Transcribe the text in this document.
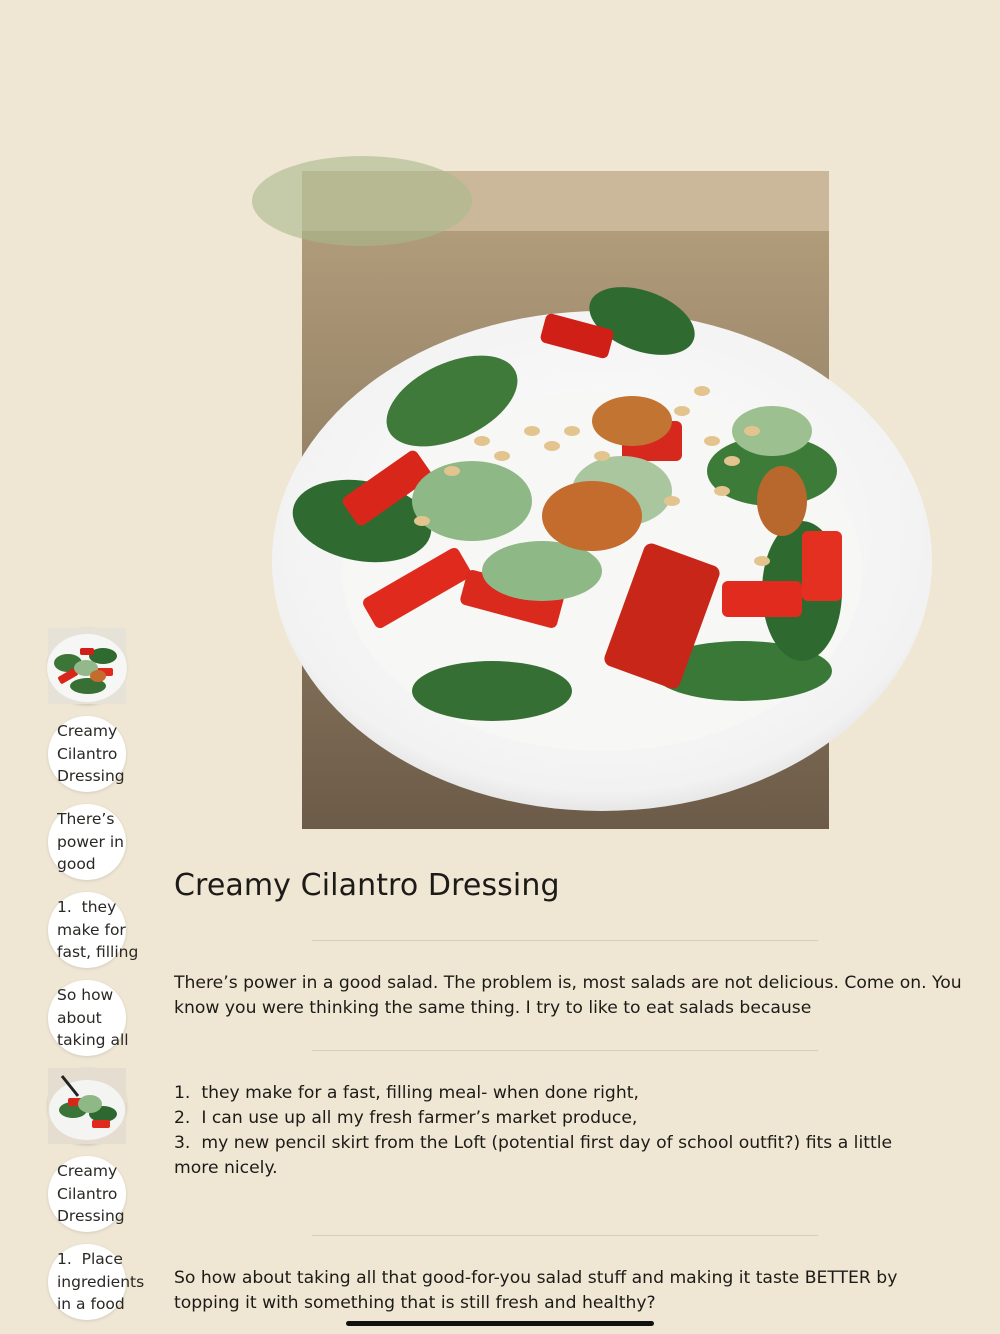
Creamy
Cilantro
Dressing
There’s
power in
good
1.  they
make for
fast, filling
So how
about
taking all
Creamy
Cilantro
Dressing
1.  Place
ingredients
in a food
Creamy Cilantro Dressing
There’s power in a good salad. The problem is, most salads are not delicious. Come on. You know you were thinking the same thing. I try to like to eat salads because
1.  they make for a fast, filling meal- when done right,
2.  I can use up all my fresh farmer’s market produce,
3.  my new pencil skirt from the Loft (potential first day of school outfit?) fits a little
more nicely.
So how about taking all that good-for-you salad stuff and making it taste BETTER by topping it with something that is still fresh and healthy?
